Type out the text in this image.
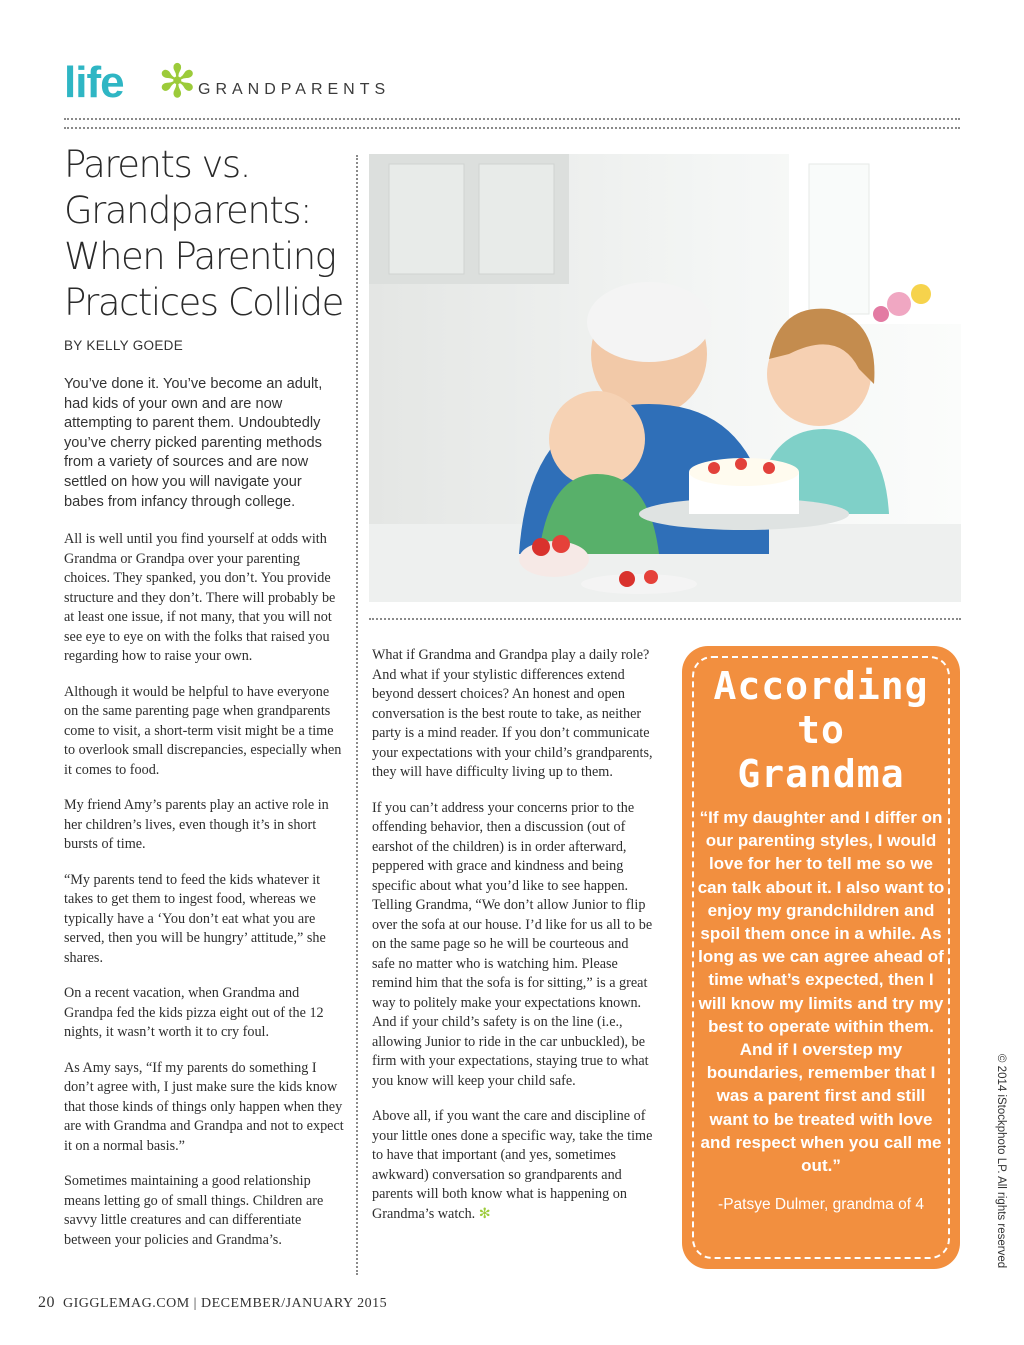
life ✻ GRANDPARENTS
Parents vs.
Grandparents:
When Parenting
Practices Collide
BY KELLY GOEDE

You’ve done it. You’ve become an adult, had kids of your own and are now attempting to parent them. Undoubtedly you’ve cherry picked parenting methods from a variety of sources and are now settled on how you will navigate your babes from infancy through college.

All is well until you find yourself at odds with Grandma or Grandpa over your parenting choices. They spanked, you don’t. You provide structure and they don’t. There will probably be at least one issue, if not many, that you will not see eye to eye on with the folks that raised you regarding how to raise your own.

Although it would be helpful to have everyone on the same parenting page when grandparents come to visit, a short-term visit might be a time to overlook small discrepancies, especially when it comes to food.

My friend Amy’s parents play an active role in her children’s lives, even though it’s in short bursts of time.

“My parents tend to feed the kids whatever it takes to get them to ingest food, whereas we typically have a ‘You don’t eat what you are served, then you will be hungry’ attitude,” she shares.

On a recent vacation, when Grandma and Grandpa fed the kids pizza eight out of the 12 nights, it wasn’t worth it to cry foul.

As Amy says, “If my parents do something I don’t agree with, I just make sure the kids know that those kinds of things only happen when they are with Grandma and Grandpa and not to expect it on a normal basis.”

Sometimes maintaining a good relationship means letting go of small things. Children are savvy little creatures and can differentiate between your policies and Grandma’s.

What if Grandma and Grandpa play a daily role? And what if your stylistic differences extend beyond dessert choices? An honest and open conversation is the best route to take, as neither party is a mind reader. If you don’t communicate your expectations with your child’s grandparents, they will have difficulty living up to them.

If you can’t address your concerns prior to the offending behavior, then a discussion (out of earshot of the children) is in order afterward, peppered with grace and kindness and being specific about what you’d like to see happen. Telling Grandma, “We don’t allow Junior to flip over the sofa at our house. I’d like for us all to be on the same page so he will be courteous and safe no matter who is watching him. Please remind him that the sofa is for sitting,” is a great way to politely make your expectations known. And if your child’s safety is on the line (i.e., allowing Junior to ride in the car unbuckled), be firm with your expectations, staying true to what you know will keep your child safe.

Above all, if you want the care and discipline of your little ones done a specific way, take the time to have that important (and yes, sometimes awkward) conversation so grandparents and parents will both know what is happening on Grandma’s watch. ✻

According
to
Grandma

“If my daughter and I differ on our parenting styles, I would love for her to tell me so we can talk about it. I also want to enjoy my grandchildren and spoil them once in a while. As long as we can agree ahead of time what’s expected, then I will know my limits and try my best to operate within them. And if I overstep my boundaries, remember that I was a parent first and still want to be treated with love and respect when you call me out.”

-Patsye Dulmer, grandma of 4	© 2014 iStockphoto LP. All rights reserved
20 GIGGLEMAG.COM | DECEMBER/JANUARY 2015
